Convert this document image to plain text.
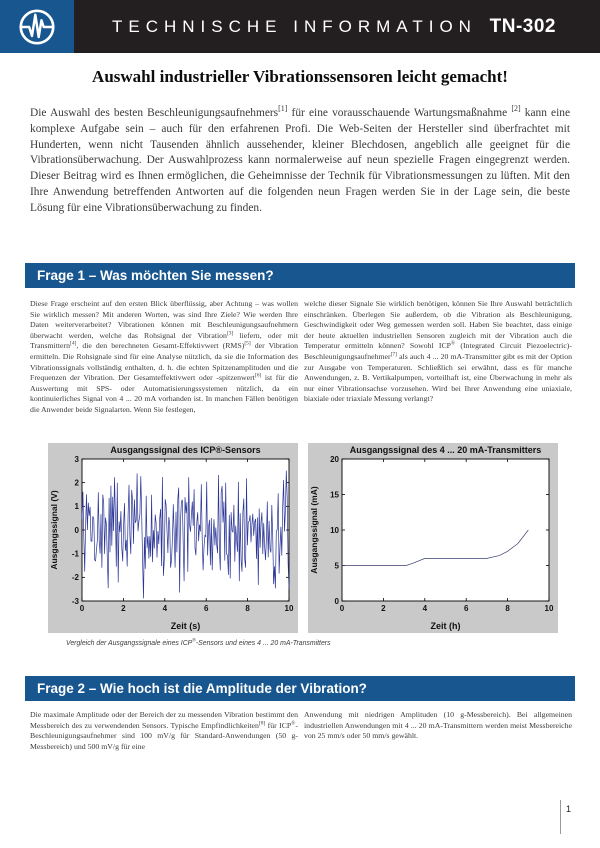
TECHNISCHE INFORMATION TN-302
Auswahl industrieller Vibrationssensoren leicht gemacht!

Die Auswahl des besten Beschleunigungsaufnehmers[1] für eine vorausschauende Wartungsmaßnahme [2] kann eine komplexe Aufgabe sein – auch für den erfahrenen Profi. Die Web-Seiten der Hersteller sind überfrachtet mit Hunderten, wenn nicht Tausenden ähnlich aussehender, kleiner Blechdosen, angeblich alle geeignet für die Vibrationsüberwachung. Der Auswahlprozess kann normalerweise auf neun spezielle Fragen eingegrenzt werden. Dieser Beitrag wird es Ihnen ermöglichen, die Geheimnisse der Technik für Vibrationsmessungen zu lüften. Mit den Ihre Anwendung betreffenden Antworten auf die folgenden neun Fragen werden Sie in der Lage sein, die beste Lösung für eine Vibrationsüberwachung zu finden.

Frage 1 – Was möchten Sie messen?

Diese Frage erscheint auf den ersten Blick überflüssig, aber Achtung – was wollen Sie wirklich messen? Mit anderen Worten, was sind Ihre Ziele? Wie werden Ihre Daten weiterverarbeitet? Vibrationen können mit Beschleunigungsaufnehmern überwacht werden, welche das Rohsignal der Vibration[3] liefern, oder mit Transmittern[4], die den berechneten Gesamt-Effektivwert (RMS)[5] der Vibration ermitteln. Die Rohsignale sind für eine Analyse nützlich, da sie die Information des Vibrationssignals vollständig enthalten, d. h. die echten Spitzenamplituden und die Frequenzen der Vibration. Der Gesamteffektivwert oder -spitzenwert[6] ist für die Auswertung mit SPS- oder Automatisierungssystemen nützlich, da ein kontinuierliches Signal von 4 ... 20 mA vorhanden ist. In manchen Fällen benötigen die Anwender beide Signalarten. Wenn Sie festlegen,

welche dieser Signale Sie wirklich benötigen, können Sie Ihre Auswahl beträchtlich einschränken. Überlegen Sie außerdem, ob die Vibration als Beschleunigung, Geschwindigkeit oder Weg gemessen werden soll. Haben Sie beachtet, dass einige der heute aktuellen industriellen Sensoren zugleich mit der Vibration auch die Temperatur ermitteln können? Sowohl ICP® (Integrated Circuit Piezoelectric)-Beschleunigungsaufnehmer[7] als auch 4 ... 20 mA-Transmitter gibt es mit der Option zur Ausgabe von Temperaturen. Schließlich sei erwähnt, dass es für manche Anwendungen, z. B. Vertikalpumpen, vorteilhaft ist, eine Überwachung in mehr als nur einer Vibrationsachse vorzusehen. Wird bei Ihrer Anwendung eine uniaxiale, biaxiale oder triaxiale Messung verlangt?

Ausgangssignal des ICP®-Sensors
0	2	4	6	8	10
-3
-2
-1
0
1
2
3
Zeit (s)
Ausgangssignal (V)
Ausgangssignal des 4 ... 20 mA-Transmitters
0	2	4	6	8	10
0
5
10
15
20
Zeit (h)
Ausgangssignal (mA)

Vergleich der Ausgangssignale eines ICP®-Sensors und eines 4 ... 20 mA-Transmitters

Frage 2 – Wie hoch ist die Amplitude der Vibration?

Die maximale Amplitude oder der Bereich der zu messenden Vibration bestimmt den Messbereich des zu verwendenden Sensors. Typische Empfindlichkeiten[8] für ICP®-Beschleunigungsaufnehmer sind 100 mV/g für Standard-Anwendungen (50 g-Messbereich) und 500 mV/g für eine

Anwendung mit niedrigen Amplituden (10 g-Messbereich). Bei allgemeinen industriellen Anwendungen mit 4 ... 20 mA-Transmittern werden meist Messbereiche von 25 mm/s oder 50 mm/s gewählt.

1
